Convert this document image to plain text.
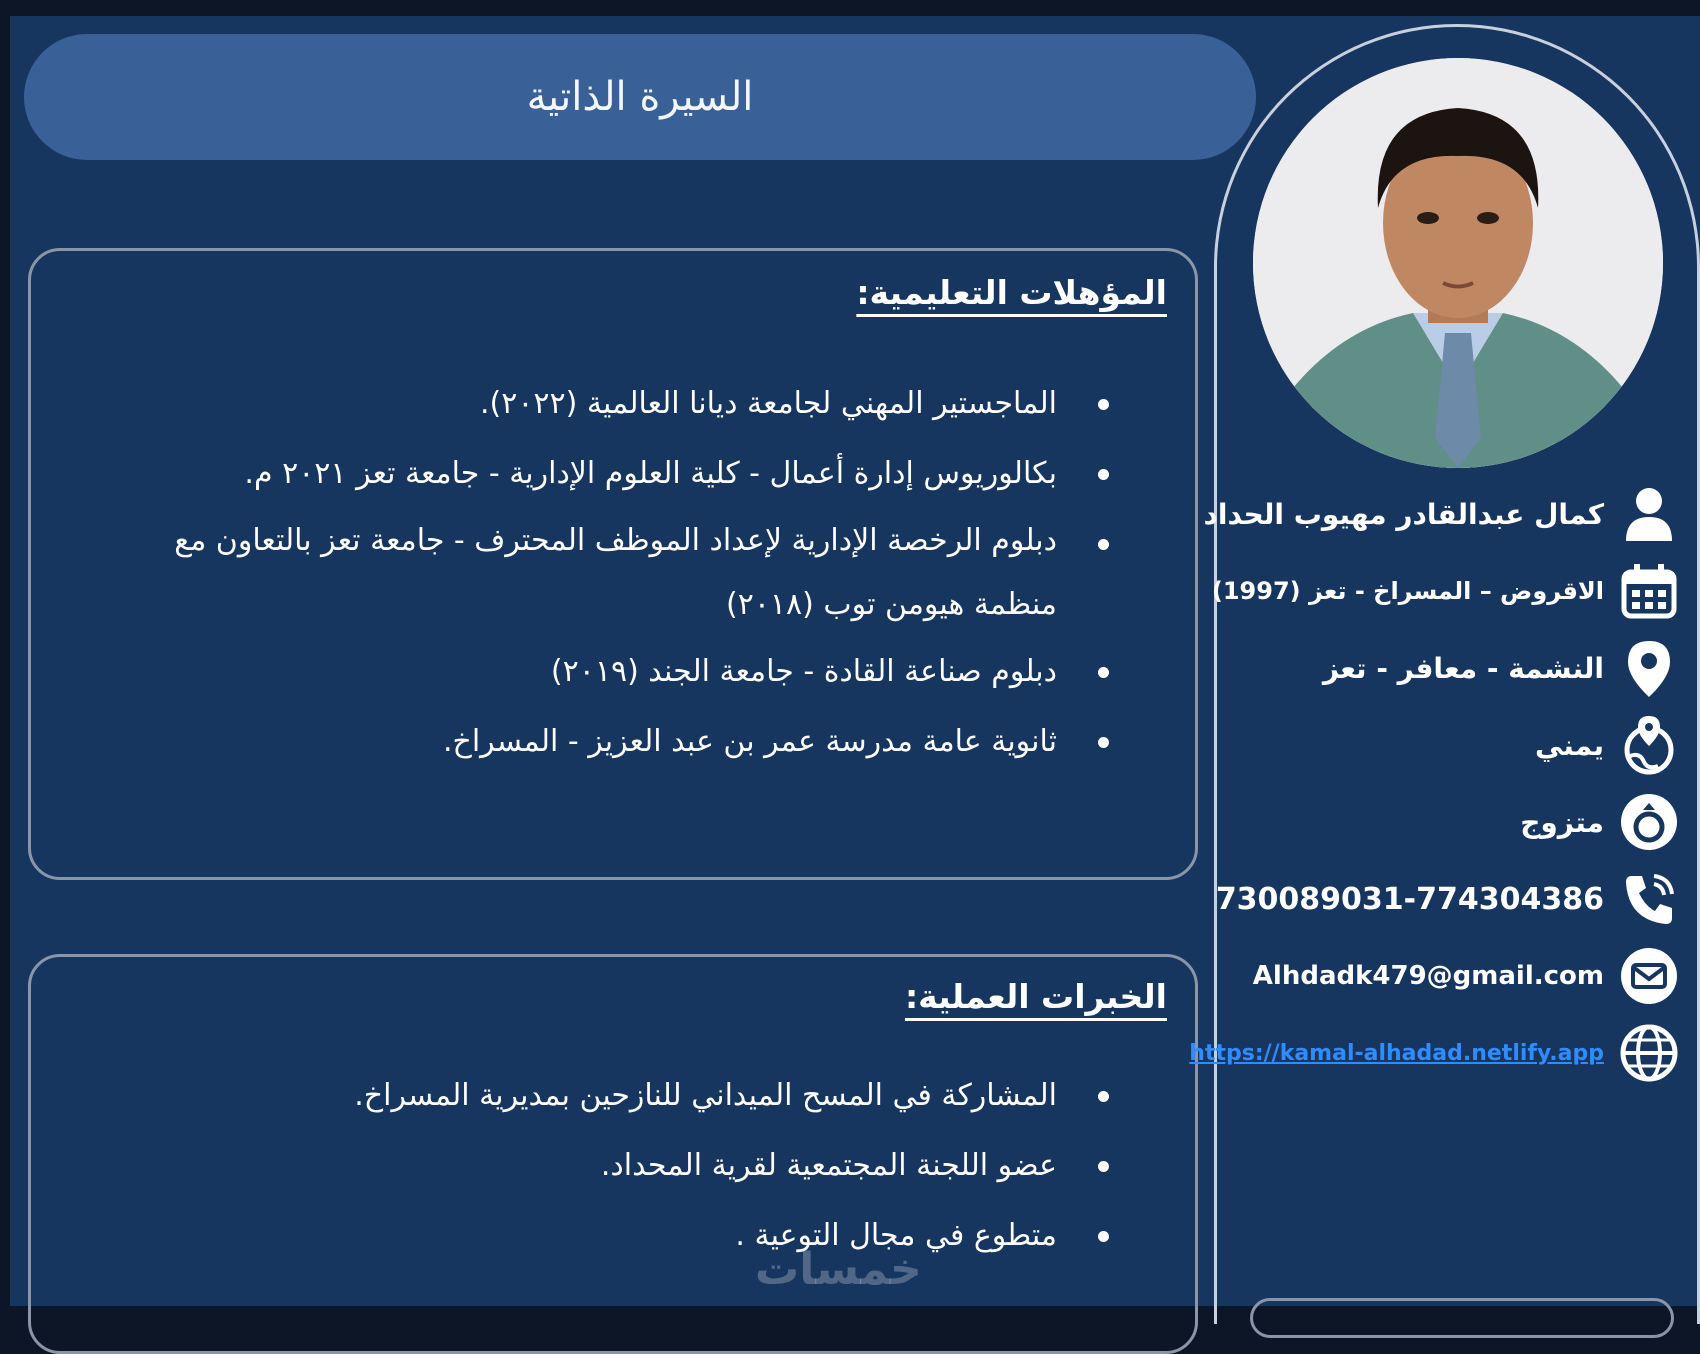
السيرة الذاتية
المؤهلات التعليمية:
الماجستير المهني لجامعة ديانا العالمية (٢٠٢٢).
بكالوريوس إدارة أعمال - كلية العلوم الإدارية - جامعة تعز ٢٠٢١ م.
دبلوم الرخصة الإدارية لإعداد الموظف المحترف - جامعة تعز بالتعاون مع منظمة هيومن توب (٢٠١٨)
دبلوم صناعة القادة - جامعة الجند (٢٠١٩)
ثانوية عامة مدرسة عمر بن عبد العزيز - المسراخ.
الخبرات العملية:
المشاركة في المسح الميداني للنازحين بمديرية المسراخ.
عضو اللجنة المجتمعية لقرية المحداد.
متطوع في مجال التوعية .
كمال عبدالقادر مهيوب الحداد
الاقروض – المسراخ - تعز (1997)
النشمة - معافر - تعز
يمني
متزوج
730089031-774304386
Alhdadk479@gmail.com
https://kamal-alhadad.netlify.app
خمسات
